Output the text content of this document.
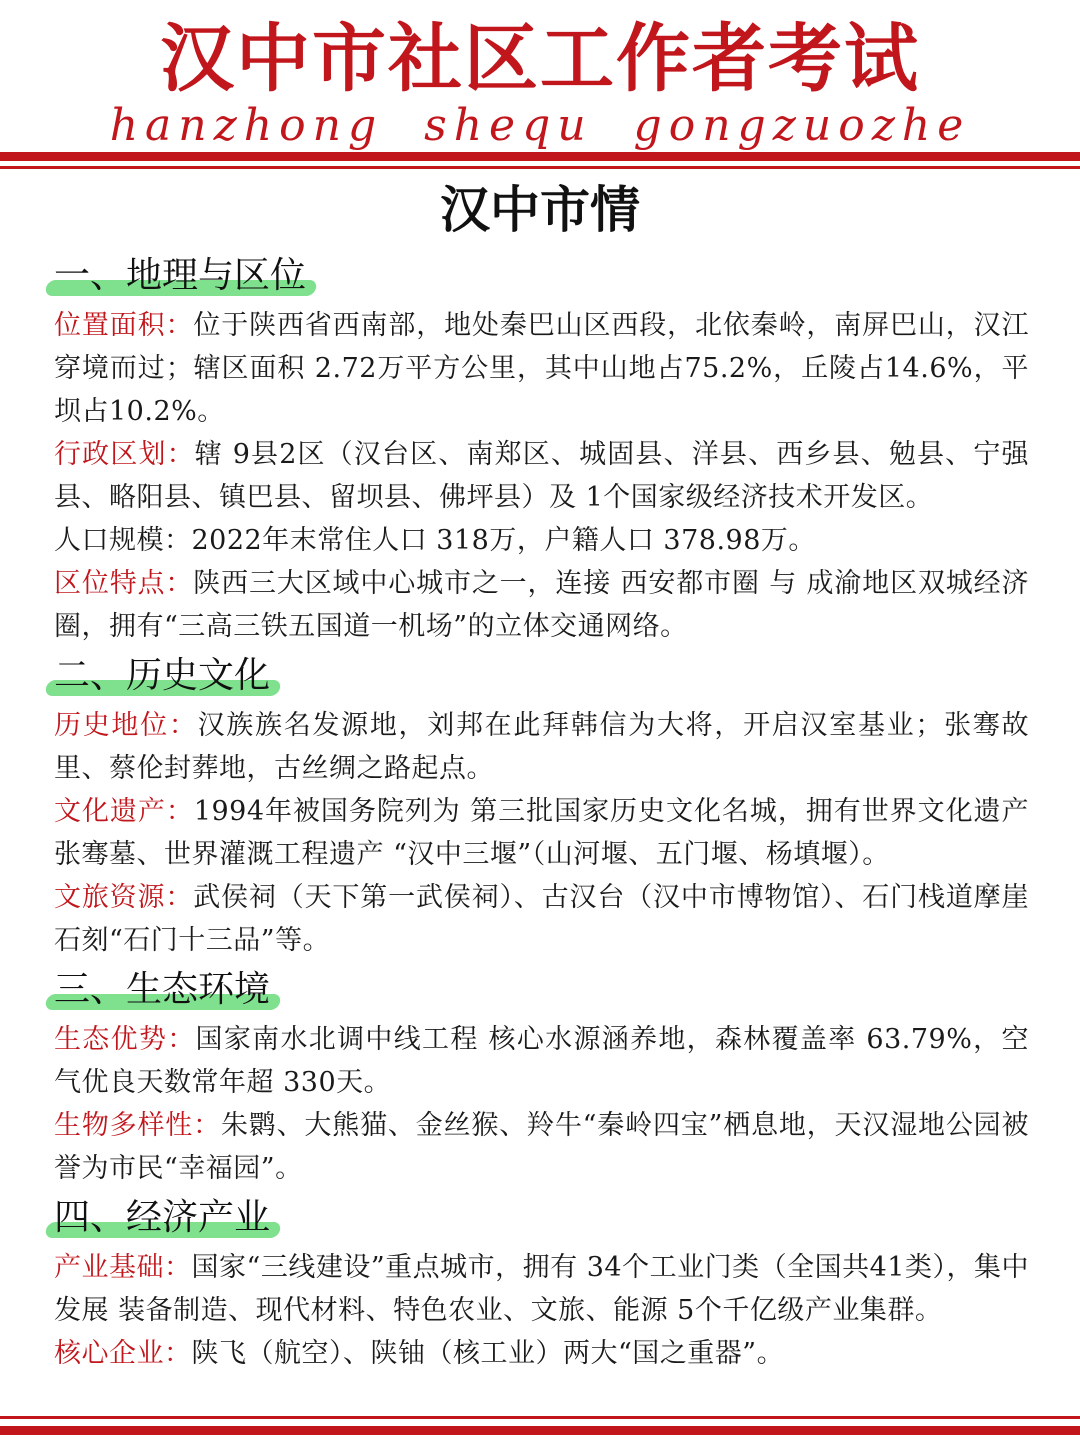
汉中市社区工作者考试
hanzhong shequ gongzuozhe
汉中市情
一、地理与区位

位置面积：位于陕西省西南部，地处秦巴山区西段，北依秦岭，南屏巴山，汉江穿境而过；辖区面积 2.72万平方公里，其中山地占75.2%，丘陵占14.6%，平坝占10.2%。

行政区划：辖 9县2区（汉台区、南郑区、城固县、洋县、西乡县、勉县、宁强县、略阳县、镇巴县、留坝县、佛坪县）及 1个国家级经济技术开发区。

人口规模：2022年末常住人口 318万，户籍人口 378.98万。

区位特点：陕西三大区域中心城市之一，连接 西安都市圈 与 成渝地区双城经济圈，拥有“三高三铁五国道一机场”的立体交通网络。

二、历史文化

历史地位：汉族族名发源地，刘邦在此拜韩信为大将，开启汉室基业；张骞故里、蔡伦封葬地，古丝绸之路起点。

文化遗产：1994年被国务院列为 第三批国家历史文化名城，拥有世界文化遗产 张骞墓、世界灌溉工程遗产 “汉中三堰”（山河堰、五门堰、杨填堰）。

文旅资源：武侯祠（天下第一武侯祠）、古汉台（汉中市博物馆）、石门栈道摩崖石刻“石门十三品”等。

三、生态环境

生态优势：国家南水北调中线工程 核心水源涵养地，森林覆盖率 63.79%，空气优良天数常年超 330天。

生物多样性：朱鹮、大熊猫、金丝猴、羚牛“秦岭四宝”栖息地，天汉湿地公园被誉为市民“幸福园”。

四、经济产业

产业基础：国家“三线建设”重点城市，拥有 34个工业门类（全国共41类），集中发展 装备制造、现代材料、特色农业、文旅、能源 5个千亿级产业集群。

核心企业：陕飞（航空）、陕铀（核工业）两大“国之重器”。
